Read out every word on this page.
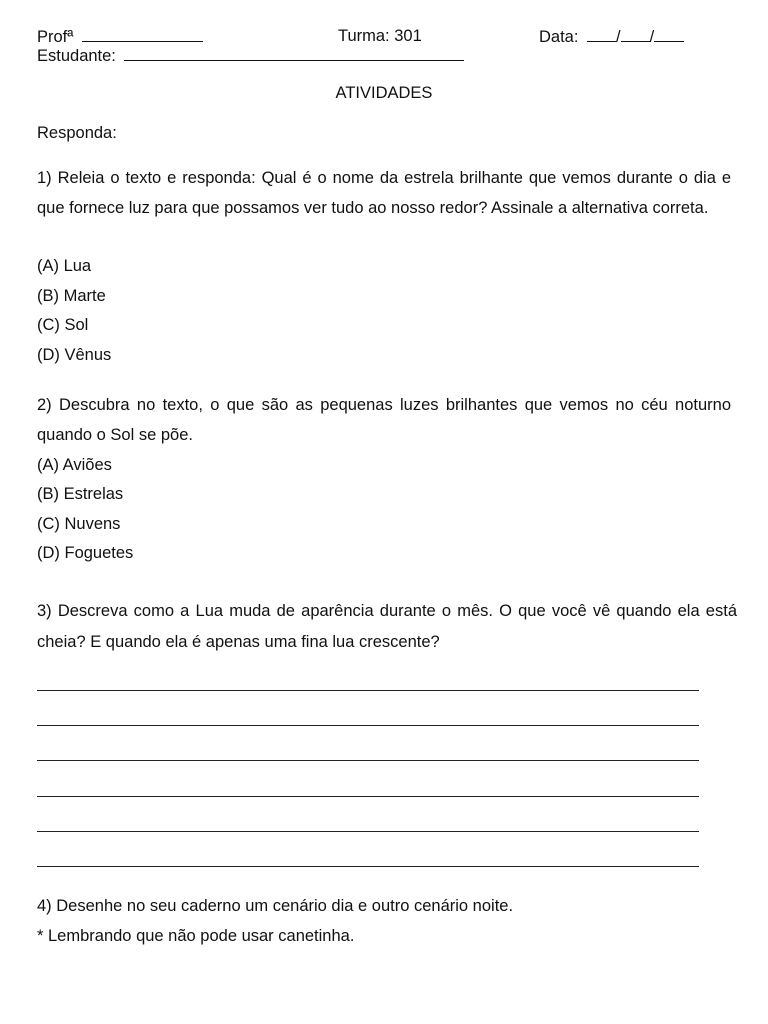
Profª	Turma: 301	Data: / /
Estudante:
ATIVIDADES
Responda:
1) Releia o texto e responda: Qual é o nome da estrela brilhante que vemos durante o dia e que fornece luz para que possamos ver tudo ao nosso redor? Assinale a alternativa correta.
(A) Lua
(B) Marte
(C) Sol
(D) Vênus
2) Descubra no texto, o que são as pequenas luzes brilhantes que vemos no céu noturno quando o Sol se põe.
(A) Aviões
(B) Estrelas
(C) Nuvens
(D) Foguetes
3) Descreva como a Lua muda de aparência durante o mês. O que você vê quando ela está cheia? E quando ela é apenas uma fina lua crescente?
4) Desenhe no seu caderno um cenário dia e outro cenário noite.
* Lembrando que não pode usar canetinha.
